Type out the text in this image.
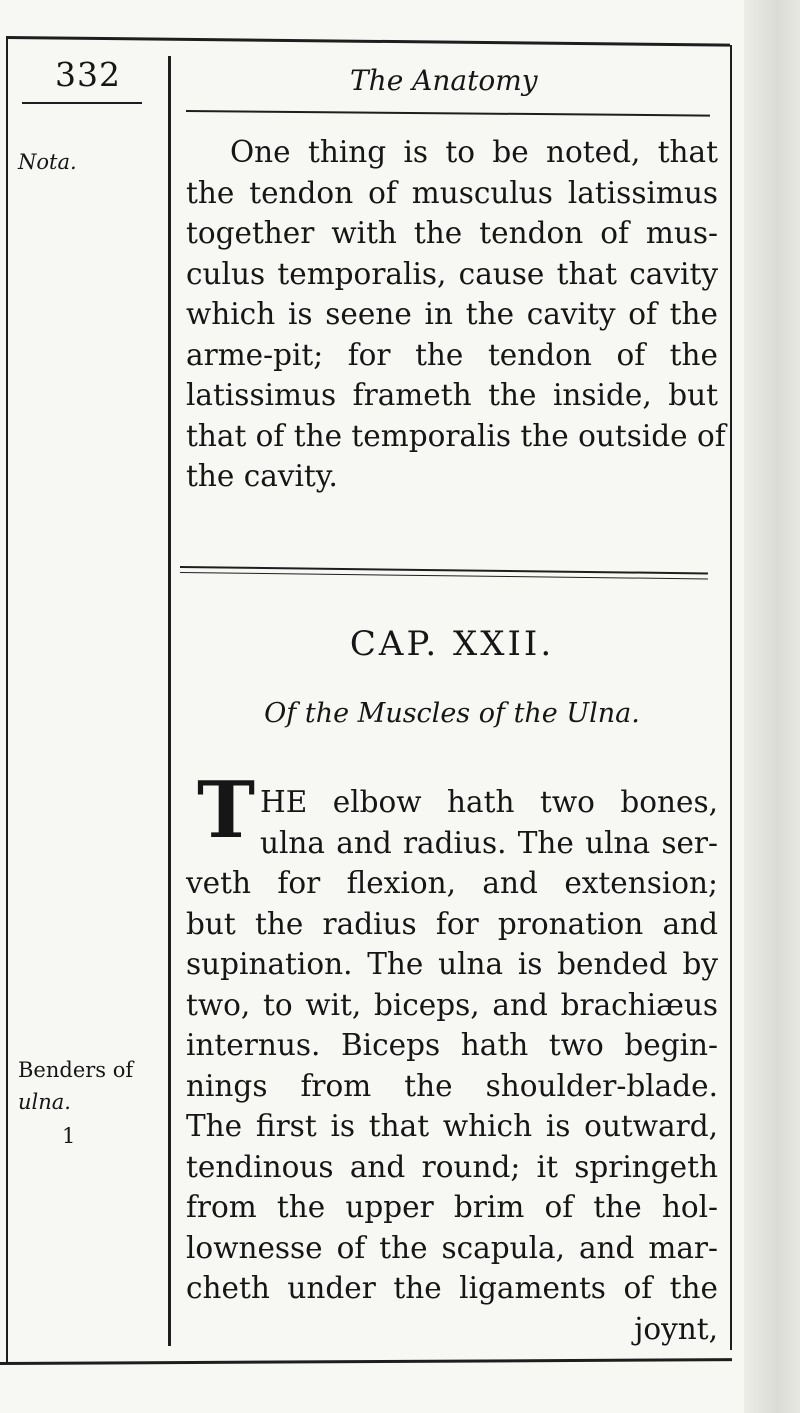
332	The Anatomy
Nota.
Benders of
ulna.
1
One thing is to be noted, that
the tendon of musculus latissimus
together with the tendon of mus-
culus temporalis, cause that cavity
which is seene in the cavity of the
arme-pit; for the tendon of the
latissimus frameth the inside, but
that of the temporalis the outside of
the cavity.
CAP. XXII.
Of the Muscles of the Ulna.
T HE elbow hath two bones,
ulna and radius. The ulna ser-
veth for flexion, and extension;
but the radius for pronation and
supination. The ulna is bended by
two, to wit, biceps, and brachiæus
internus. Biceps hath two begin-
nings from the shoulder-blade.
The first is that which is outward,
tendinous and round; it springeth
from the upper brim of the hol-
lownesse of the scapula, and mar-
cheth under the ligaments of the
joynt,
